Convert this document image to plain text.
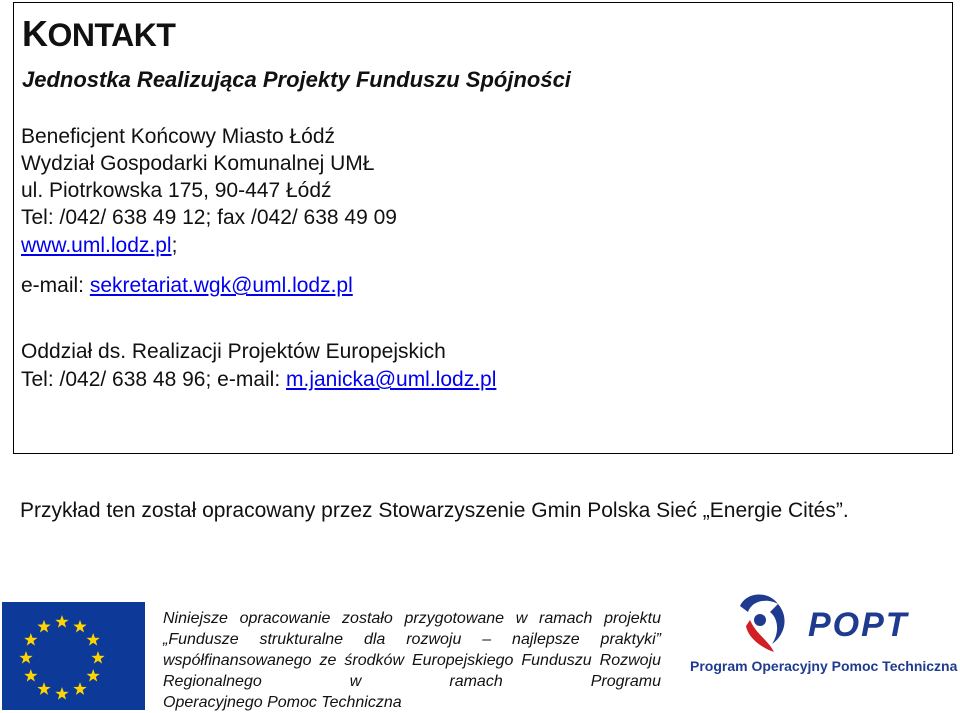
KONTAKT
Jednostka Realizująca Projekty Funduszu Spójności

Beneficjent Końcowy Miasto Łódź

Wydział Gospodarki Komunalnej UMŁ

ul. Piotrkowska 175, 90-447 Łódź

Tel: /042/ 638 49 12; fax /042/ 638 49 09

www.uml.lodz.pl;

e-mail: sekretariat.wgk@uml.lodz.pl

Oddział ds. Realizacji Projektów Europejskich

Tel: /042/ 638 48 96; e-mail: m.janicka@uml.lodz.pl

Przykład ten został opracowany przez Stowarzyszenie Gmin Polska Sieć „Energie Cités”.

Niniejsze opracowanie zostało przygotowane w ramach projektu „Fundusze strukturalne dla rozwoju – najlepsze praktyki” współfinansowanego ze środków Europejskiego Funduszu Rozwoju Regionalnego w ramach Programu
Operacyjnego Pomoc Techniczna

POPT
Program Operacyjny Pomoc Techniczna
